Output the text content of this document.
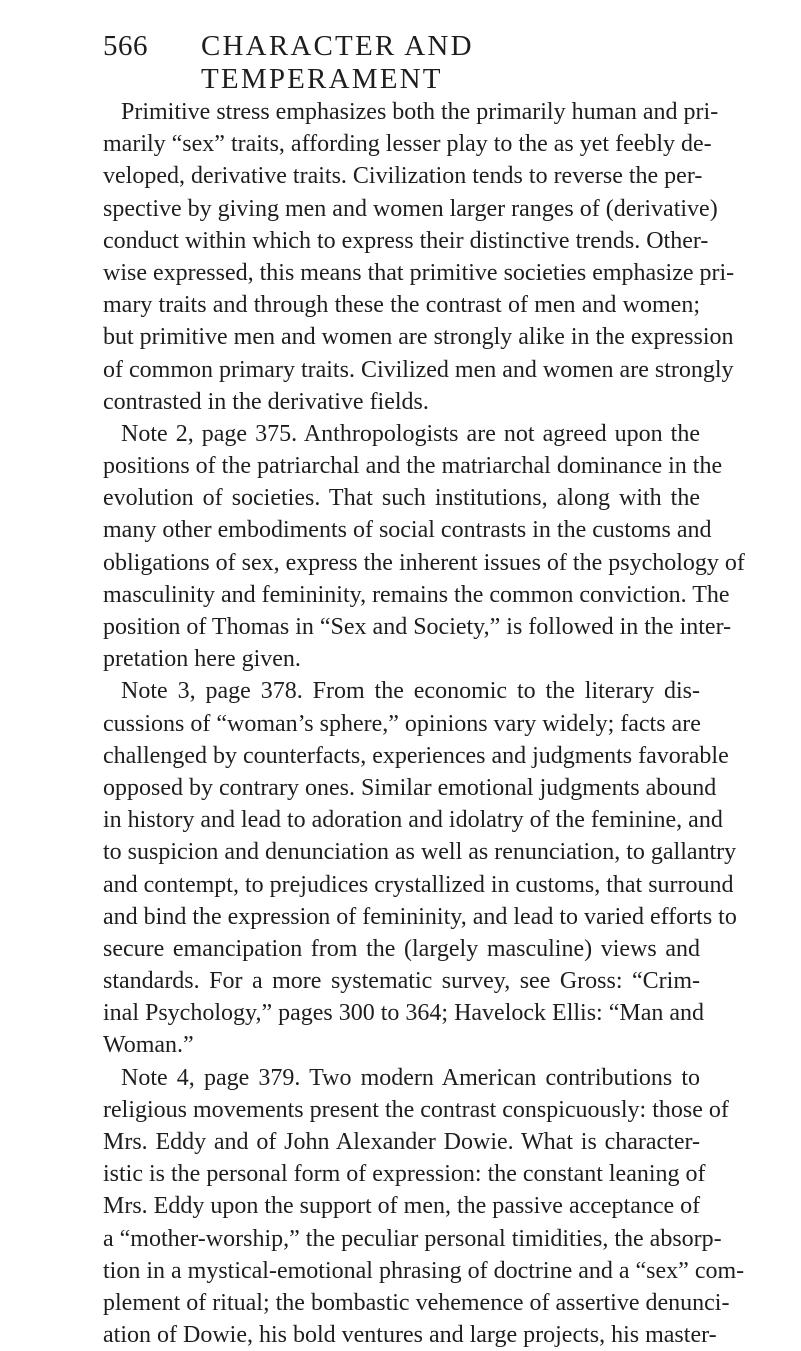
566 CHARACTER AND TEMPERAMENT
Primitive stress emphasizes both the primarily human and pri-
marily “sex” traits, affording lesser play to the as yet feebly de-
veloped, derivative traits. Civilization tends to reverse the per-
spective by giving men and women larger ranges of (derivative)
conduct within which to express their distinctive trends. Other-
wise expressed, this means that primitive societies emphasize pri-
mary traits and through these the contrast of men and women;
but primitive men and women are strongly alike in the expression
of common primary traits. Civilized men and women are strongly
contrasted in the derivative fields.
Note 2, page 375. Anthropologists are not agreed upon the
positions of the patriarchal and the matriarchal dominance in the
evolution of societies. That such institutions, along with the
many other embodiments of social contrasts in the customs and
obligations of sex, express the inherent issues of the psychology of
masculinity and femininity, remains the common conviction. The
position of Thomas in “Sex and Society,” is followed in the inter-
pretation here given.
Note 3, page 378. From the economic to the literary dis-
cussions of “woman’s sphere,” opinions vary widely; facts are
challenged by counterfacts, experiences and judgments favorable
opposed by contrary ones. Similar emotional judgments abound
in history and lead to adoration and idolatry of the feminine, and
to suspicion and denunciation as well as renunciation, to gallantry
and contempt, to prejudices crystallized in customs, that surround
and bind the expression of femininity, and lead to varied efforts to
secure emancipation from the (largely masculine) views and
standards. For a more systematic survey, see Gross: “Crim-
inal Psychology,” pages 300 to 364; Havelock Ellis: “Man and
Woman.”
Note 4, page 379. Two modern American contributions to
religious movements present the contrast conspicuously: those of
Mrs. Eddy and of John Alexander Dowie. What is character-
istic is the personal form of expression: the constant leaning of
Mrs. Eddy upon the support of men, the passive acceptance of
a “mother-worship,” the peculiar personal timidities, the absorp-
tion in a mystical-emotional phrasing of doctrine and a “sex” com-
plement of ritual; the bombastic vehemence of assertive denunci-
ation of Dowie, his bold ventures and large projects, his master-
